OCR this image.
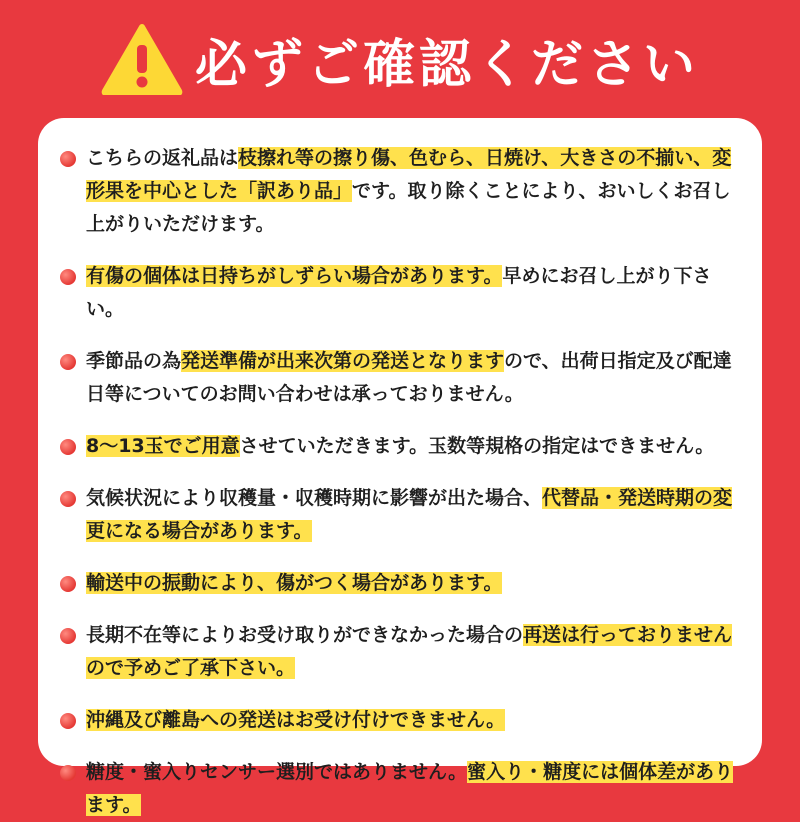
必ずご確認ください
こちらの返礼品は枝擦れ等の擦り傷、色むら、日焼け、大きさの不揃い、変形果を中心とした「訳あり品」です。取り除くことにより、おいしくお召し上がりいただけます。
有傷の個体は日持ちがしずらい場合があります。早めにお召し上がり下さい。
季節品の為発送準備が出来次第の発送となりますので、出荷日指定及び配達日等についてのお問い合わせは承っておりません。
8〜13玉でご用意させていただきます。玉数等規格の指定はできません。
気候状況により収穫量・収穫時期に影響が出た場合、代替品・発送時期の変更になる場合があります。
輸送中の振動により、傷がつく場合があります。
長期不在等によりお受け取りができなかった場合の再送は行っておりませんので予めご了承下さい。
沖縄及び離島への発送はお受け付けできません。
糖度・蜜入りセンサー選別ではありません。蜜入り・糖度には個体差があります。
